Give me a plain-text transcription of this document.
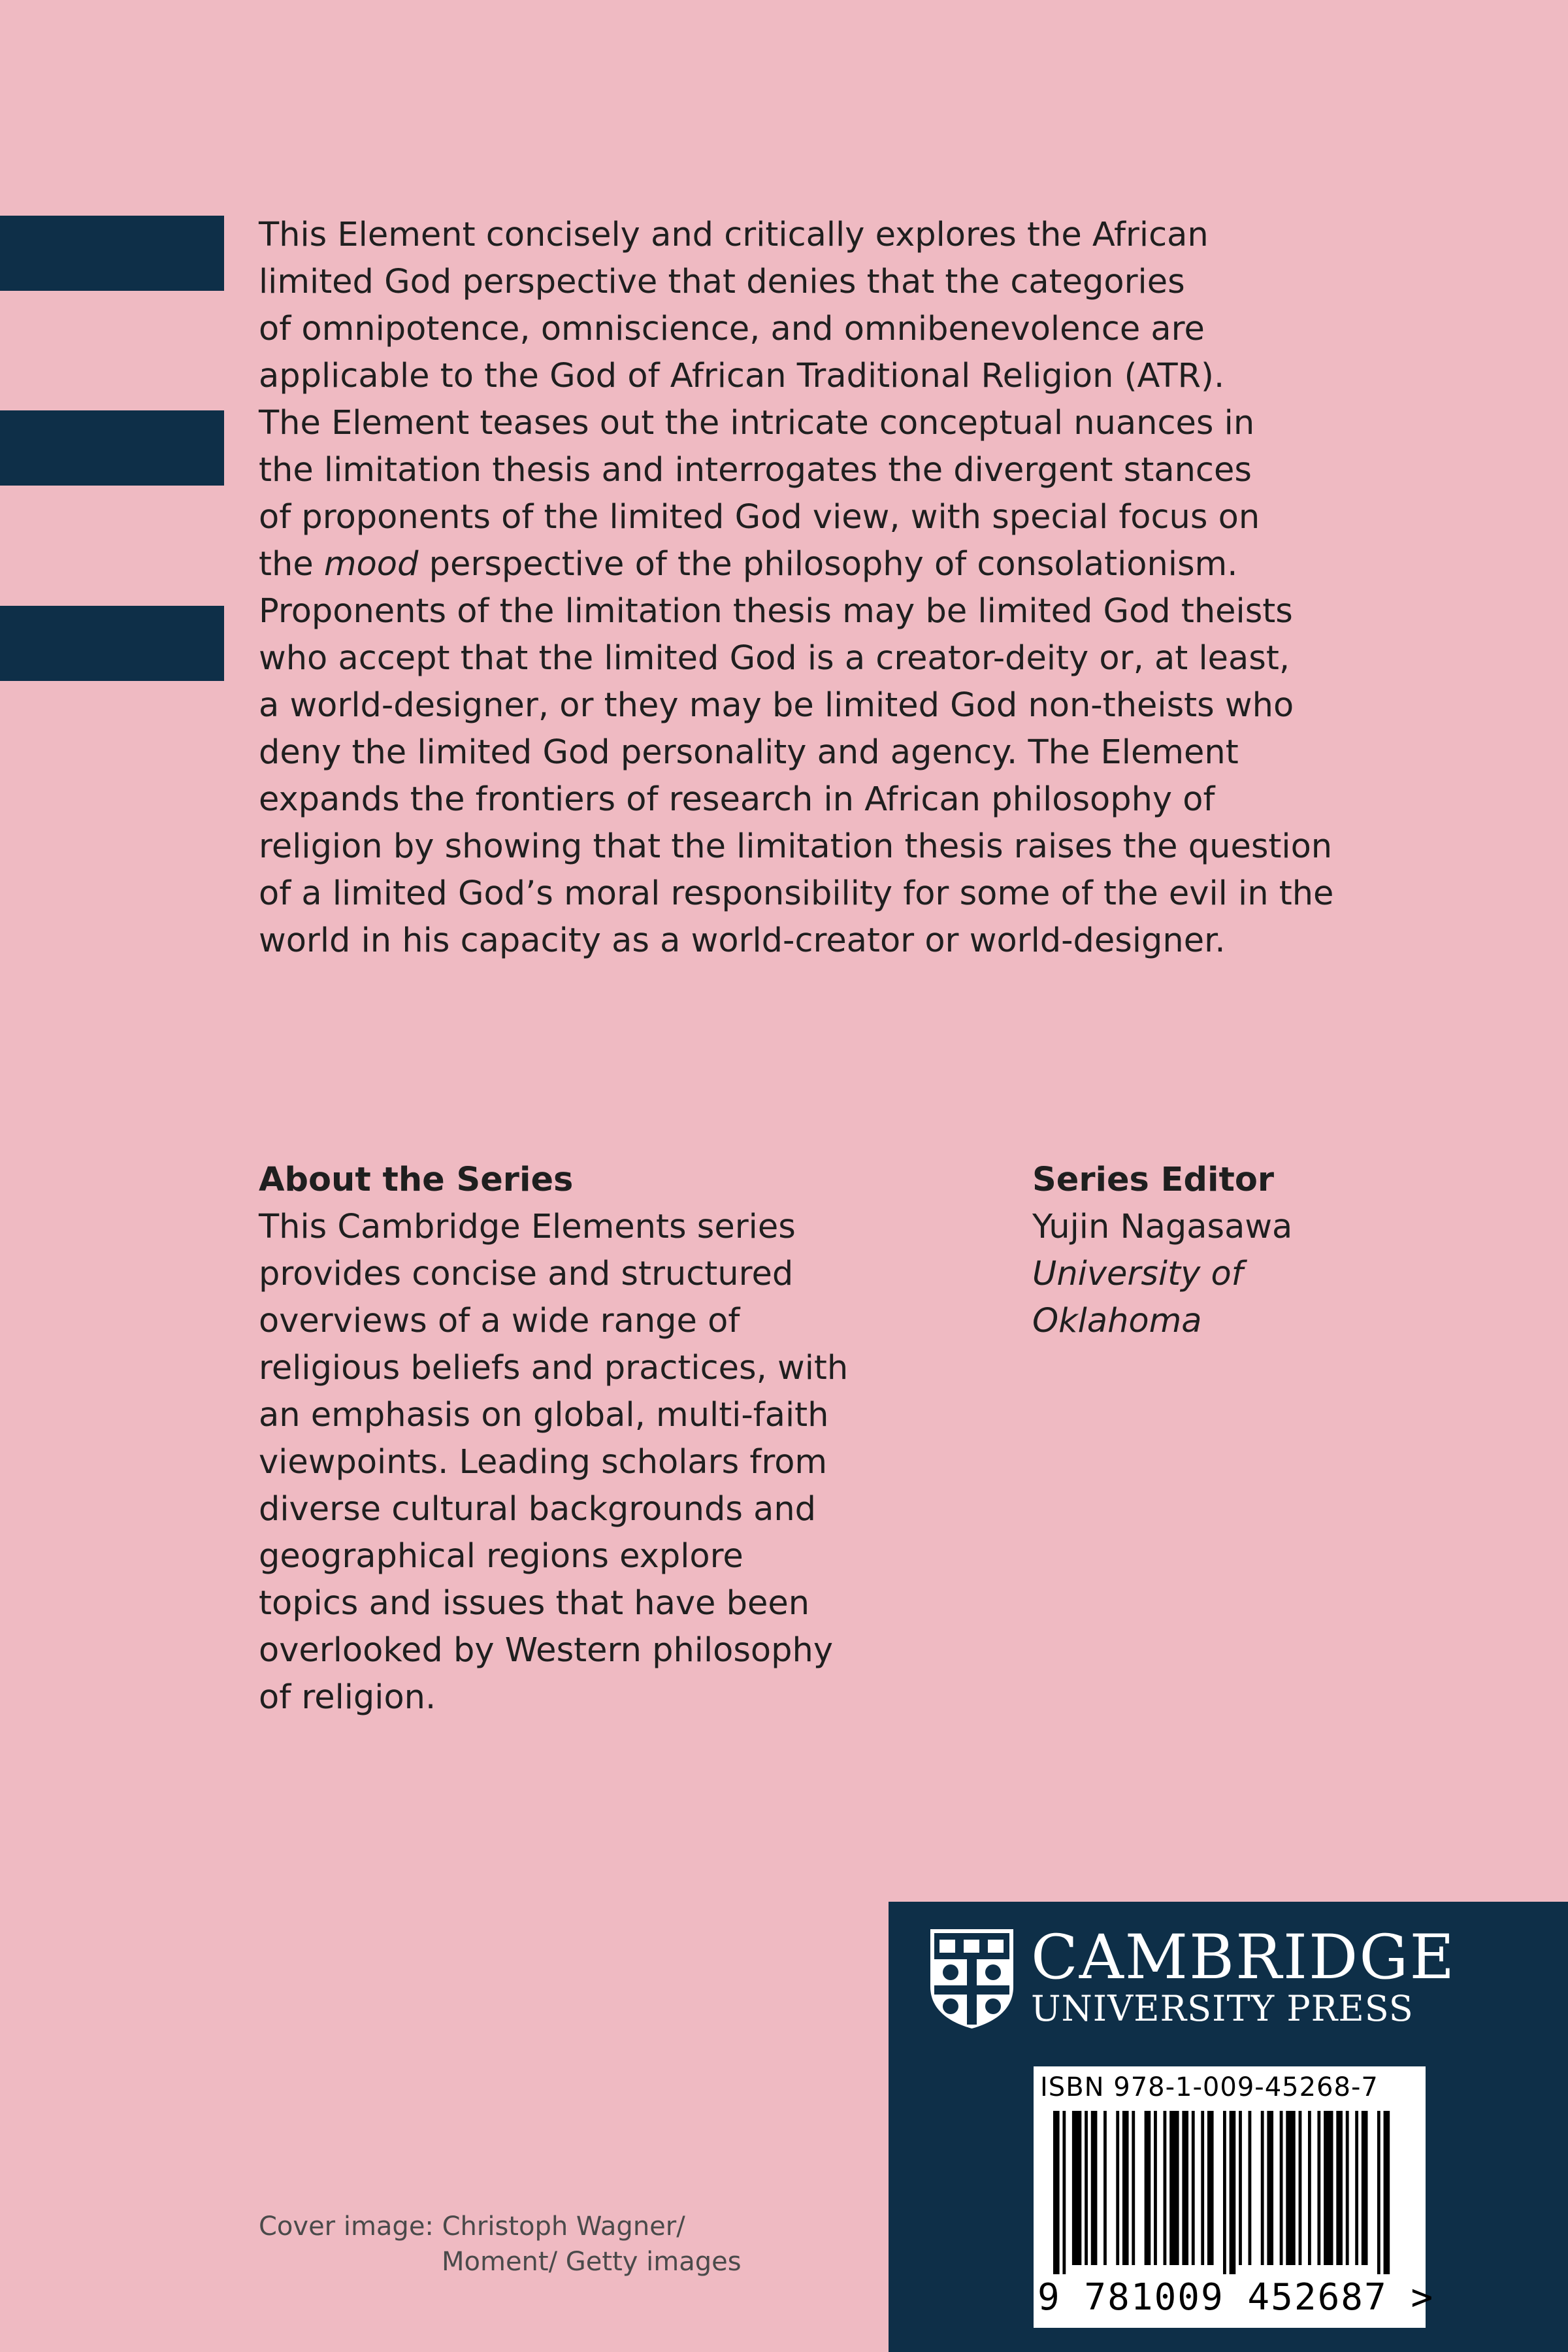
This Element concisely and critically explores the African
limited God perspective that denies that the categories
of omnipotence, omniscience, and omnibenevolence are
applicable to the God of African Traditional Religion (ATR).
The Element teases out the intricate conceptual nuances in
the limitation thesis and interrogates the divergent stances
of proponents of the limited God view, with special focus on
the mood perspective of the philosophy of consolationism.
Proponents of the limitation thesis may be limited God theists
who accept that the limited God is a creator-deity or, at least,
a world-designer, or they may be limited God non-theists who
deny the limited God personality and agency. The Element
expands the frontiers of research in African philosophy of
religion by showing that the limitation thesis raises the question
of a limited God’s moral responsibility for some of the evil in the
world in his capacity as a world-creator or world-designer.

About the Series

This Cambridge Elements series
provides concise and structured
overviews of a wide range of
religious beliefs and practices, with
an emphasis on global, multi-faith
viewpoints. Leading scholars from
diverse cultural backgrounds and
geographical regions explore
topics and issues that have been
overlooked by Western philosophy
of religion.

Series Editor
Yujin Nagasawa
University of
Oklahoma
Cover image: Christoph Wagner/
Moment/ Getty images
CAMBRIDGE
UNIVERSITY PRESS
ISBN 978-1-009-45268-7
9 781009 452687 >
